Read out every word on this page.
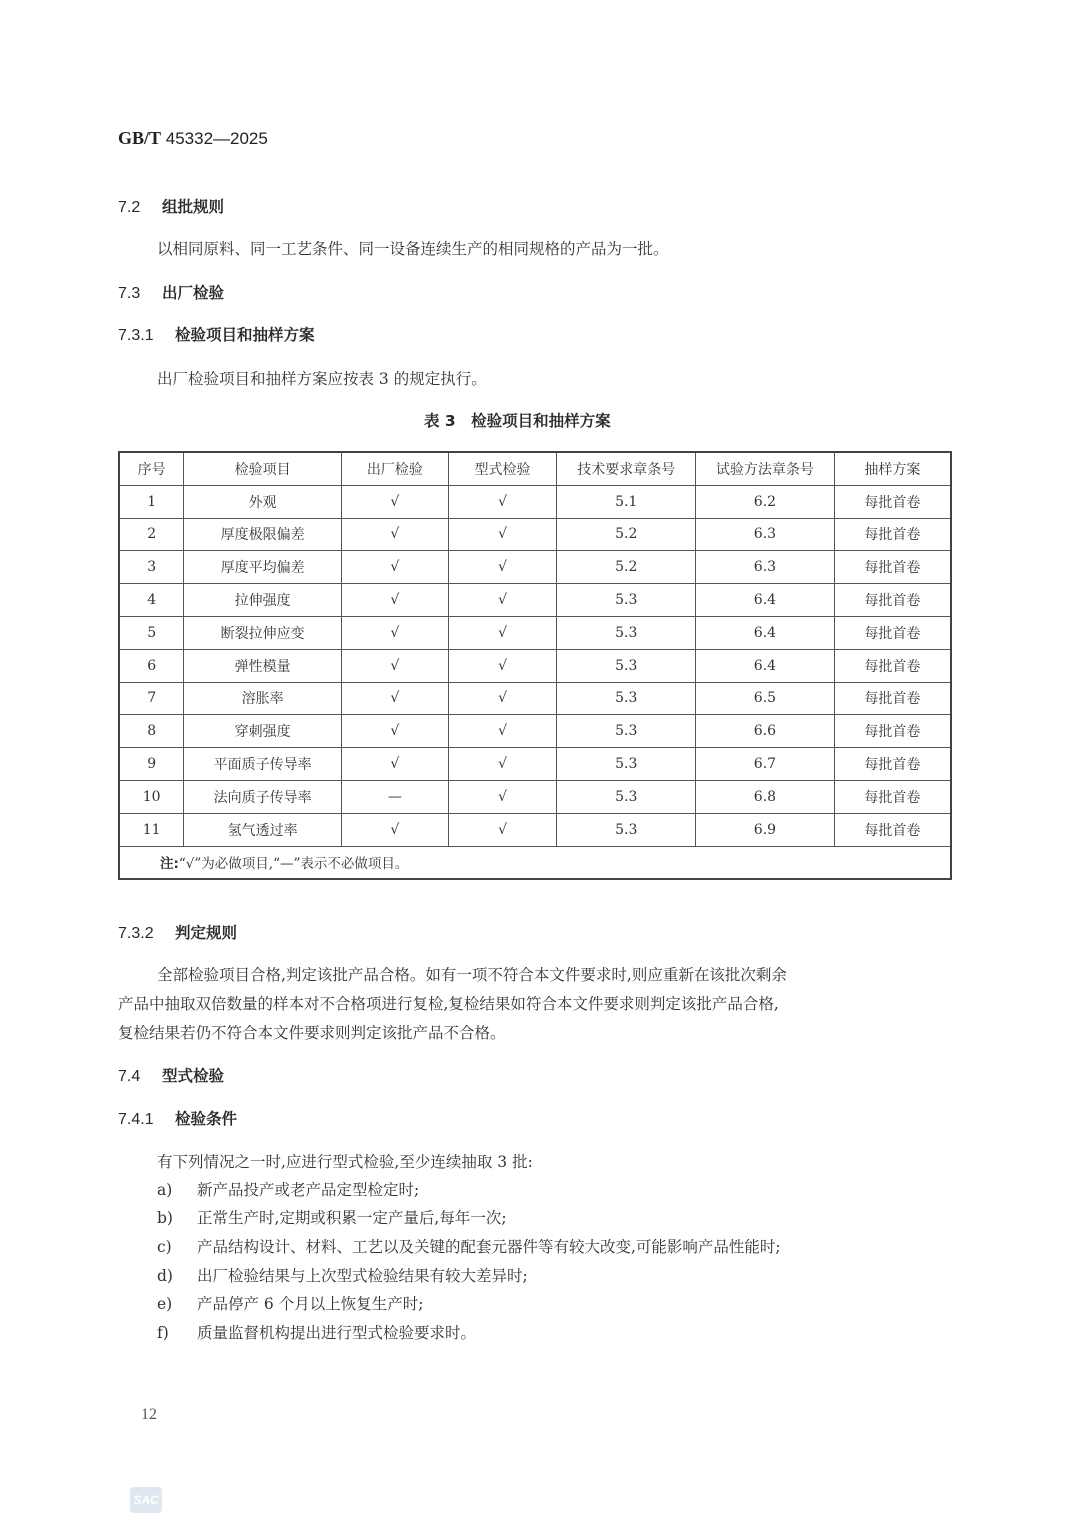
GB/T 45332—2025
7.2 组批规则
以相同原料、同一工艺条件、同一设备连续生产的相同规格的产品为一批。
7.3 出厂检验
7.3.1 检验项目和抽样方案
出厂检验项目和抽样方案应按表 3 的规定执行。
表 3　检验项目和抽样方案
序号	检验项目	出厂检验	型式检验	技术要求章条号	试验方法章条号	抽样方案
1	外观	√	√	5.1	6.2	每批首卷
2	厚度极限偏差	√	√	5.2	6.3	每批首卷
3	厚度平均偏差	√	√	5.2	6.3	每批首卷
4	拉伸强度	√	√	5.3	6.4	每批首卷
5	断裂拉伸应变	√	√	5.3	6.4	每批首卷
6	弹性模量	√	√	5.3	6.4	每批首卷
7	溶胀率	√	√	5.3	6.5	每批首卷
8	穿刺强度	√	√	5.3	6.6	每批首卷
9	平面质子传导率	√	√	5.3	6.7	每批首卷
10	法向质子传导率	—	√	5.3	6.8	每批首卷
11	氢气透过率	√	√	5.3	6.9	每批首卷
注:“√”为必做项目,“—”表示不必做项目。						
7.3.2 判定规则
全部检验项目合格,判定该批产品合格。如有一项不符合本文件要求时,则应重新在该批次剩余
产品中抽取双倍数量的样本对不合格项进行复检,复检结果如符合本文件要求则判定该批产品合格,
复检结果若仍不符合本文件要求则判定该批产品不合格。
7.4 型式检验
7.4.1 检验条件
有下列情况之一时,应进行型式检验,至少连续抽取 3 批:
a) 新产品投产或老产品定型检定时;
b) 正常生产时,定期或积累一定产量后,每年一次;
c) 产品结构设计、材料、工艺以及关键的配套元器件等有较大改变,可能影响产品性能时;
d) 出厂检验结果与上次型式检验结果有较大差异时;
e) 产品停产 6 个月以上恢复生产时;
f) 质量监督机构提出进行型式检验要求时。
12
SAC
